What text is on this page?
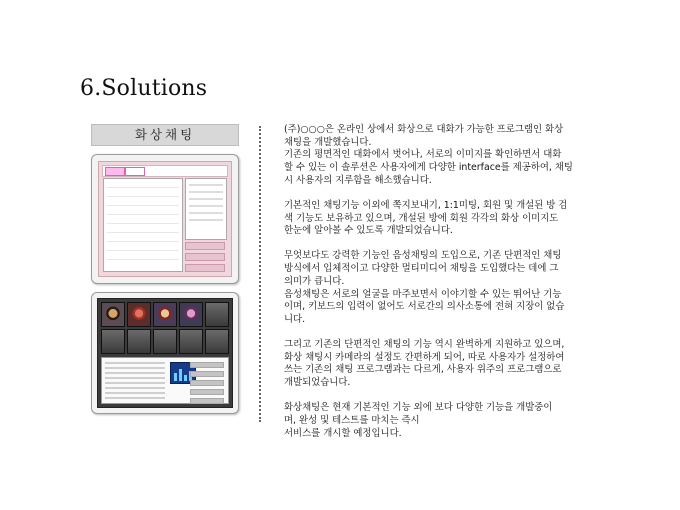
6.Solutions
화상채팅	(주)○○○은 온라인 상에서 화상으로 대화가 가능한 프로그램인 화상
채팅을 개발했습니다.
기존의 평면적인 대화에서 벗어나, 서로의 이미지를 확인하면서 대화
할 수 있는 이 솔루션은 사용자에게 다양한 interface를 제공하여, 채팅
시 사용자의 지루함을 해소했습니다.

기본적인 채팅기능 이외에 쪽지보내기, 1:1미팅, 회원 및 개설된 방 검
색 기능도 보유하고 있으며, 개설된 방에 회원 각각의 화상 이미지도
한눈에 알아볼 수 있도록 개발되었습니다.

무엇보다도 강력한 기능인 음성채팅의 도입으로, 기존 단편적인 채팅
방식에서 입체적이고 다양한 멀티미디어 채팅을 도입했다는 데에 그
의미가 큽니다.
음성채팅은 서로의 얼굴을 마주보면서 이야기할 수 있는 뛰어난 기능
이며, 키보드의 입력이 없어도 서로간의 의사소통에 전혀 지장이 없습
니다.

그리고 기존의 단편적인 채팅의 기능 역시 완벽하게 지원하고 있으며,
화상 채팅시 카메라의 설정도 간편하게 되어, 따로 사용자가 설정하여
쓰는 기존의 채팅 프로그램과는 다르게, 사용자 위주의 프로그램으로
개발되었습니다.

화상채팅은 현재 기본적인 기능 외에 보다 다양한 기능을 개발중이
며, 완성 및 테스트를 마치는 즉시
서비스를 개시할 예정입니다.
